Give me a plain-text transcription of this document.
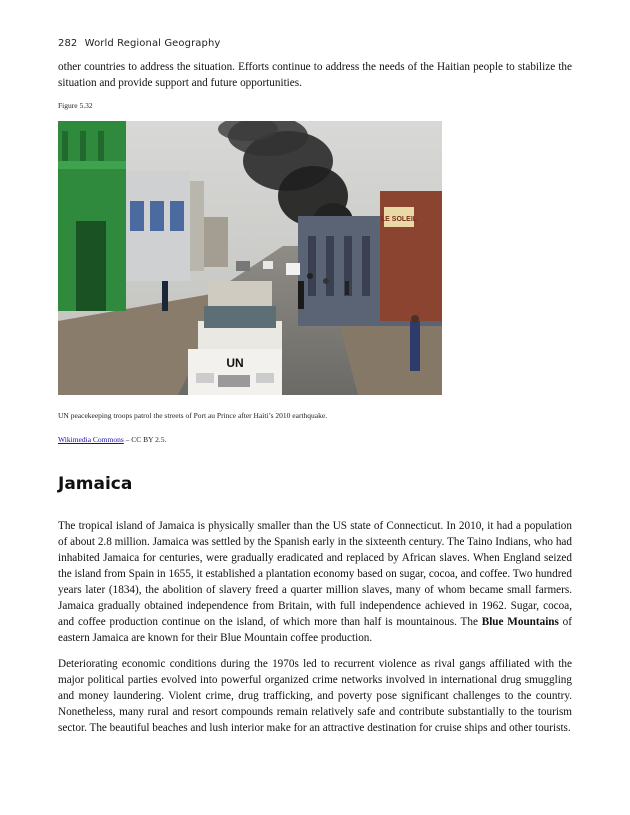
282 World Regional Geography

other countries to address the situation. Efforts continue to address the needs of the Haitian people to stabilize the situation and provide support and future opportunities.

Figure 5.32
LE SOLEIL
UN
UN peacekeeping troops patrol the streets of Port au Prince after Haiti’s 2010 earthquake.
Wikimedia Commons – CC BY 2.5.
Jamaica

The tropical island of Jamaica is physically smaller than the US state of Connecticut. In 2010, it had a population of about 2.8 million. Jamaica was settled by the Spanish early in the sixteenth century. The Taino Indians, who had inhabited Jamaica for centuries, were gradually eradicated and replaced by African slaves. When England seized the island from Spain in 1655, it established a plantation economy based on sugar, cocoa, and coffee. Two hundred years later (1834), the abolition of slavery freed a quarter million slaves, many of whom became small farmers. Jamaica gradually obtained independence from Britain, with full independence achieved in 1962. Sugar, cocoa, and coffee production continue on the island, of which more than half is mountainous. The Blue Mountains of eastern Jamaica are known for their Blue Mountain coffee production.

Deteriorating economic conditions during the 1970s led to recurrent violence as rival gangs affiliated with the major political parties evolved into powerful organized crime networks involved in international drug smuggling and money laundering. Violent crime, drug trafficking, and poverty pose significant challenges to the country. Nonetheless, many rural and resort compounds remain relatively safe and contribute substantially to the tourism sector. The beautiful beaches and lush interior make for an attractive destination for cruise ships and other tourists.
